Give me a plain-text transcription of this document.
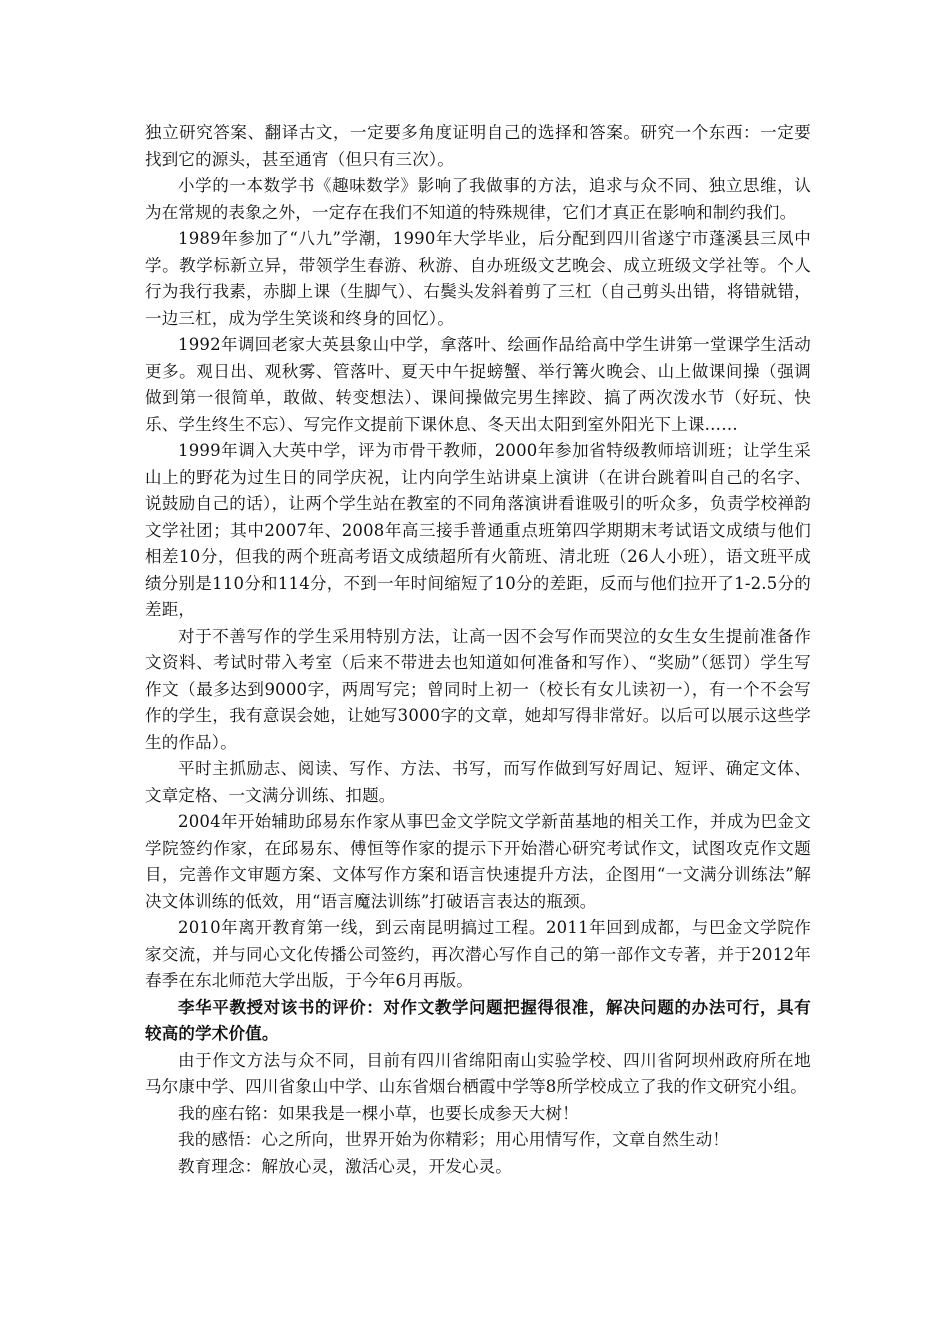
独立研究答案、翻译古文，一定要多角度证明自己的选择和答案。研究一个东西：一定要找到它的源头，甚至通宵（但只有三次）。

小学的一本数学书《趣味数学》影响了我做事的方法，追求与众不同、独立思维，认为在常规的表象之外，一定存在我们不知道的特殊规律，它们才真正在影响和制约我们。

1989年参加了“八九”学潮，1990年大学毕业，后分配到四川省遂宁市蓬溪县三凤中学。教学标新立异，带领学生春游、秋游、自办班级文艺晚会、成立班级文学社等。个人行为我行我素，赤脚上课（生脚气）、右鬓头发斜着剪了三杠（自己剪头出错，将错就错，一边三杠，成为学生笑谈和终身的回忆）。

1992年调回老家大英县象山中学，拿落叶、绘画作品给高中学生讲第一堂课学生活动更多。观日出、观秋雾、管落叶、夏天中午捉螃蟹、举行篝火晚会、山上做课间操（强调做到第一很简单，敢做、转变想法）、课间操做完男生摔跤、搞了两次泼水节（好玩、快乐、学生终生不忘）、写完作文提前下课休息、冬天出太阳到室外阳光下上课……

1999年调入大英中学，评为市骨干教师，2000年参加省特级教师培训班；让学生采山上的野花为过生日的同学庆祝，让内向学生站讲桌上演讲（在讲台跳着叫自己的名字、说鼓励自己的话），让两个学生站在教室的不同角落演讲看谁吸引的听众多，负责学校禅韵文学社团；其中2007年、2008年高三接手普通重点班第四学期期末考试语文成绩与他们相差10分，但我的两个班高考语文成绩超所有火箭班、清北班（26人小班），语文班平成绩分别是110分和114分，不到一年时间缩短了10分的差距，反而与他们拉开了1-2.5分的差距，

对于不善写作的学生采用特别方法，让高一因不会写作而哭泣的女生女生提前准备作文资料、考试时带入考室（后来不带进去也知道如何准备和写作）、“奖励”（惩罚）学生写作文（最多达到9000字，两周写完；曾同时上初一（校长有女儿读初一），有一个不会写作的学生，我有意误会她，让她写3000字的文章，她却写得非常好。以后可以展示这些学生的作品）。

平时主抓励志、阅读、写作、方法、书写，而写作做到写好周记、短评、确定文体、文章定格、一文满分训练、扣题。

2004年开始辅助邱易东作家从事巴金文学院文学新苗基地的相关工作，并成为巴金文学院签约作家，在邱易东、傅恒等作家的提示下开始潜心研究考试作文，试图攻克作文题目，完善作文审题方案、文体写作方案和语言快速提升方法，企图用“一文满分训练法”解决文体训练的低效，用“语言魔法训练”打破语言表达的瓶颈。

2010年离开教育第一线，到云南昆明搞过工程。2011年回到成都，与巴金文学院作家交流，并与同心文化传播公司签约，再次潜心写作自己的第一部作文专著，并于2012年春季在东北师范大学出版，于今年6月再版。

李华平教授对该书的评价：对作文教学问题把握得很准，解决问题的办法可行，具有较高的学术价值。

由于作文方法与众不同，目前有四川省绵阳南山实验学校、四川省阿坝州政府所在地马尔康中学、四川省象山中学、山东省烟台栖霞中学等8所学校成立了我的作文研究小组。

我的座右铭：如果我是一棵小草，也要长成参天大树！

我的感悟：心之所向，世界开始为你精彩；用心用情写作，文章自然生动！

教育理念：解放心灵，激活心灵，开发心灵。
